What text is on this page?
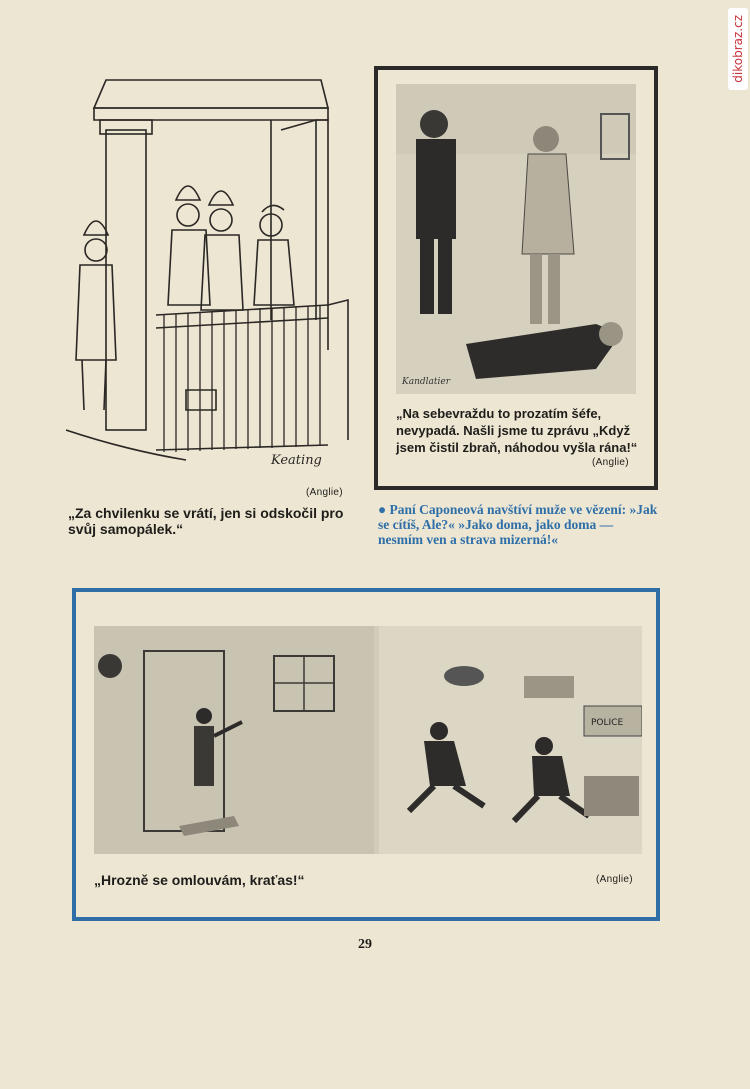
dikobraz.cz
Keating
(Anglie)
„Za chvilenku se vrátí, jen si odskočil pro svůj samopálek.“
Kandlatier
„Na sebevraždu to prozatím šéfe, nevypadá. Našli jsme tu zprávu „Když jsem čistil zbraň, náhodou vyšla rána!“
(Anglie)
● Paní Caponeová navštíví muže ve vězení: »Jak se cítíš, Ale?« »Jako doma, jako doma — nesmím ven a strava mizerná!«
POLICE
„Hrozně se omlouvám, kraťas!“	(Anglie)
29
